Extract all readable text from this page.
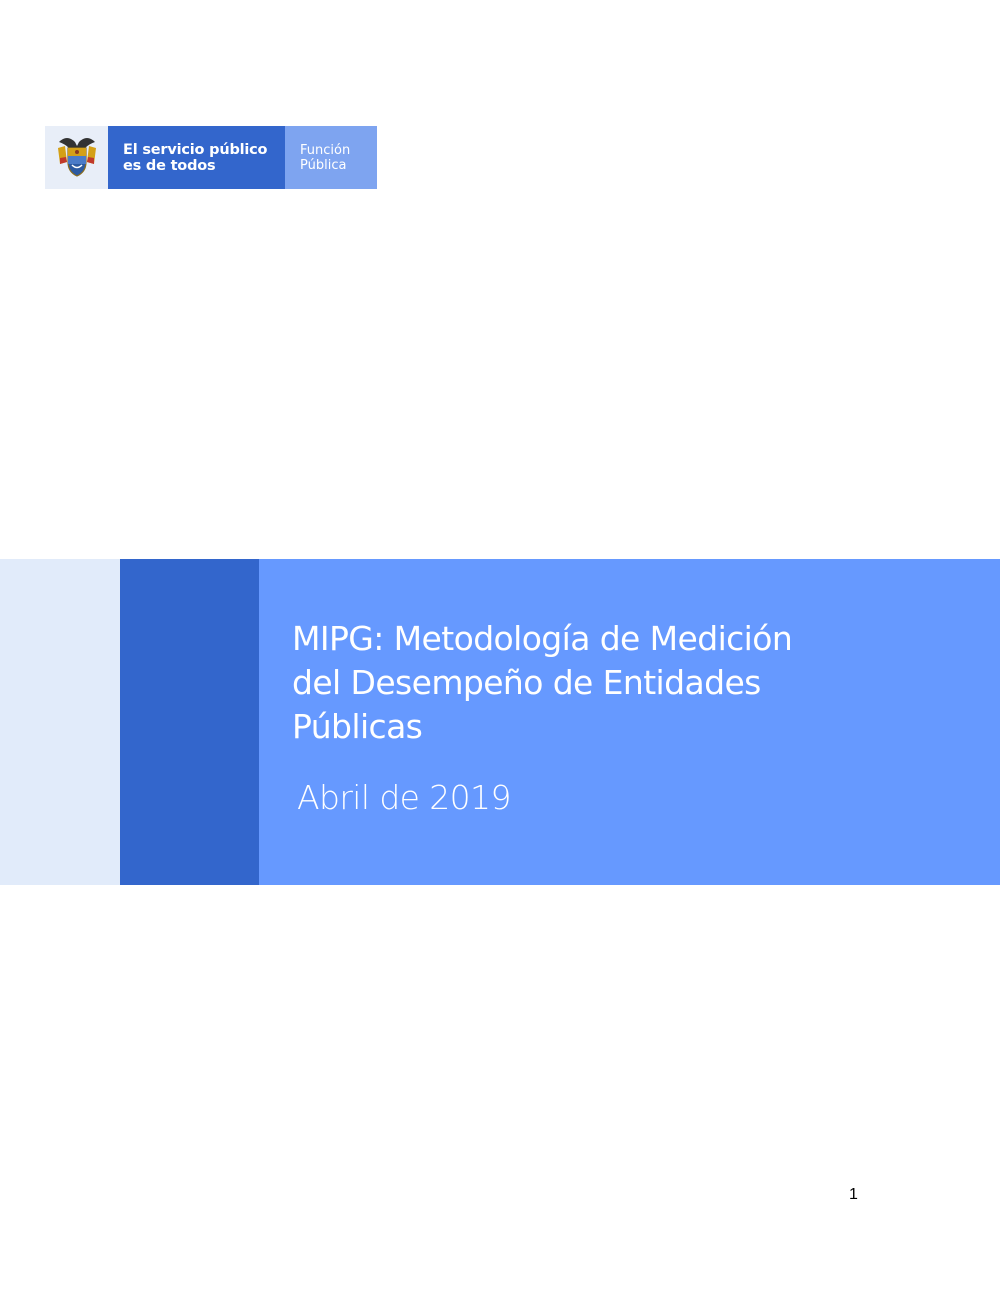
El servicio público
es de todos
Función
Pública
MIPG: Metodología de Medición
del Desempeño de Entidades
Públicas
Abril de 2019
1
